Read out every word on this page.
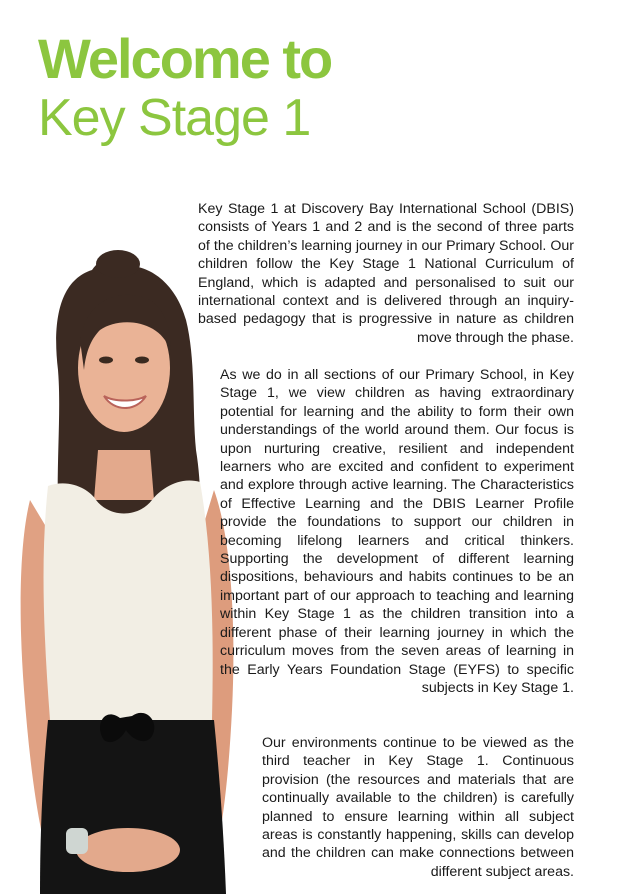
Welcome to
Key Stage 1

Key Stage 1 at Discovery Bay International School (DBIS) consists of Years 1 and 2 and is the second of three parts of the children’s learning journey in our Primary School. Our children follow the Key Stage 1 National Curriculum of England, which is adapted and personalised to suit our international context and is delivered through an inquiry-based pedagogy that is progressive in nature as children move through the phase.

As we do in all sections of our Primary School, in Key Stage 1, we view children as having extraordinary potential for learning and the ability to form their own understandings of the world around them. Our focus is upon nurturing creative, resilient and independent learners who are excited and confident to experiment and explore through active learning. The Characteristics of Effective Learning and the DBIS Learner Profile provide the foundations to support our children in becoming lifelong learners and critical thinkers. Supporting the development of different learning dispositions, behaviours and habits continues to be an important part of our approach to teaching and learning within Key Stage 1 as the children transition into a different phase of their learning journey in which the curriculum moves from the seven areas of learning in the Early Years Foundation Stage (EYFS) to specific subjects in Key Stage 1.

Our environments continue to be viewed as the third teacher in Key Stage 1. Continuous provision (the resources and materials that are continually available to the children) is carefully planned to ensure learning within all subject areas is constantly happening, skills can develop and the children can make connections between different subject areas.
